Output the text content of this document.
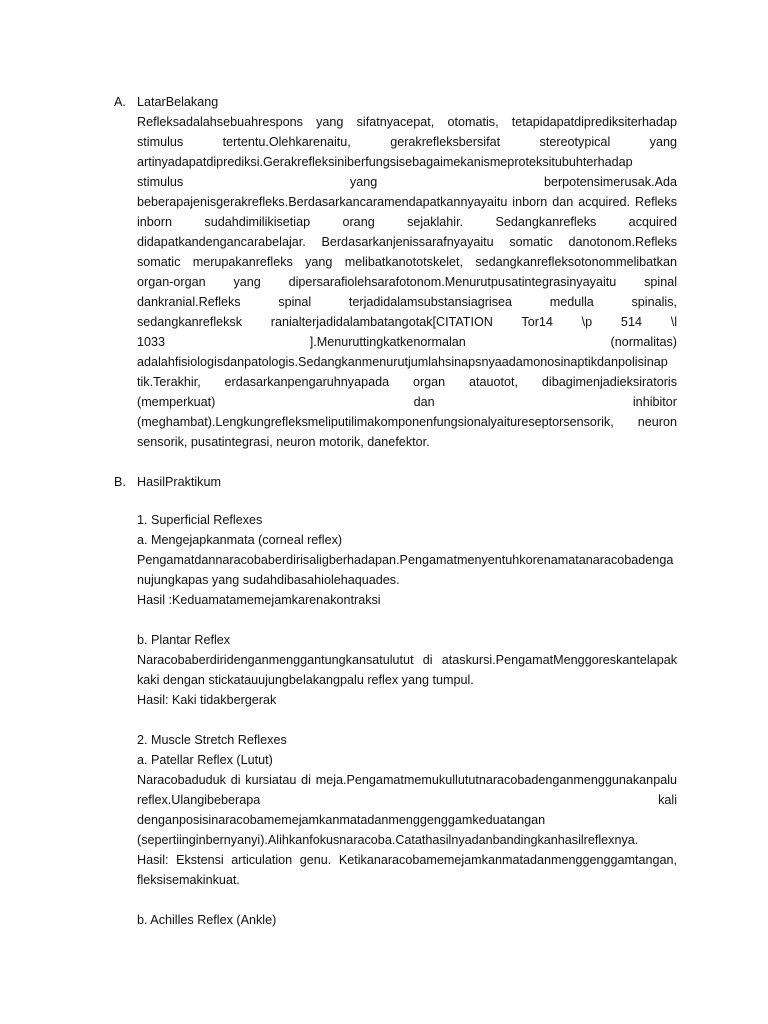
A. LatarBelakang

Refleksadalahsebuahrespons yang sifatnyacepat, otomatis, tetapidapatdiprediksiterhadap

stimulus tertentu.Olehkarenaitu, gerakrefleksbersifat stereotypical yang

artinyadapatdiprediksi.Gerakrefleksiniberfungsisebagaimekanismeproteksitubuhterhadap

stimulus yang berpotensimerusak.Ada

beberapajenisgerakrefleks.Berdasarkancaramendapatkannyayaitu inborn dan acquired. Refleks

inborn sudahdimilikisetiap orang sejaklahir. Sedangkanrefleks acquired

didapatkandengancarabelajar. Berdasarkanjenissarafnyayaitu somatic danotonom.Refleks

somatic merupakanrefleks yang melibatkanototskelet, sedangkanrefleksotonommelibatkan

organ-organ yang dipersarafiolehsarafotonom.Menurutpusatintegrasinyayaitu spinal

dankranial.Refleks spinal terjadidalamsubstansiagrisea medulla spinalis,

sedangkanrefleksk ranialterjadidalambatangotak[CITATION Tor14 \p 514 \l

1033 ].Menuruttingkatkenormalan (normalitas)

adalahfisiologisdanpatologis.Sedangkanmenurutjumlahsinapsnyaadamonosinaptikdanpolisinap

tik.Terakhir, erdasarkanpengaruhnyapada organ atauotot, dibagimenjadieksiratoris

(memperkuat) dan inhibitor

(meghambat).Lengkungrefleksmeliputilimakomponenfungsionalyaitureseptorsensorik, neuron

sensorik, pusatintegrasi, neuron motorik, danefektor.

B. HasilPraktikum

1. Superficial Reflexes

a. Mengejapkanmata (corneal reflex)

Pengamatdannaracobaberdirisaligberhadapan.Pengamatmenyentuhkorenamatanaracobadenga

nujungkapas yang sudahdibasahiolehaquades.

Hasil :Keduamatamemejamkarenakontraksi

b. Plantar Reflex

Naracobaberdiridenganmenggantungkansatulutut di ataskursi.PengamatMenggoreskantelapak

kaki dengan stickatauujungbelakangpalu reflex yang tumpul.

Hasil: Kaki tidakbergerak

2. Muscle Stretch Reflexes

a. Patellar Reflex (Lutut)

Naracobaduduk di kursiatau di meja.Pengamatmemukullututnaracobadenganmenggunakanpalu

reflex.Ulangibeberapa	kali

denganposisinaracobamemejamkanmatadanmenggenggamkeduatangan

(sepertiinginbernyanyi).Alihkanfokusnaracoba.Catathasilnyadanbandingkanhasilreflexnya.

Hasil: Ekstensi articulation genu. Ketikanaracobamemejamkanmatadanmenggenggamtangan,

fleksisemakinkuat.

b. Achilles Reflex (Ankle)
